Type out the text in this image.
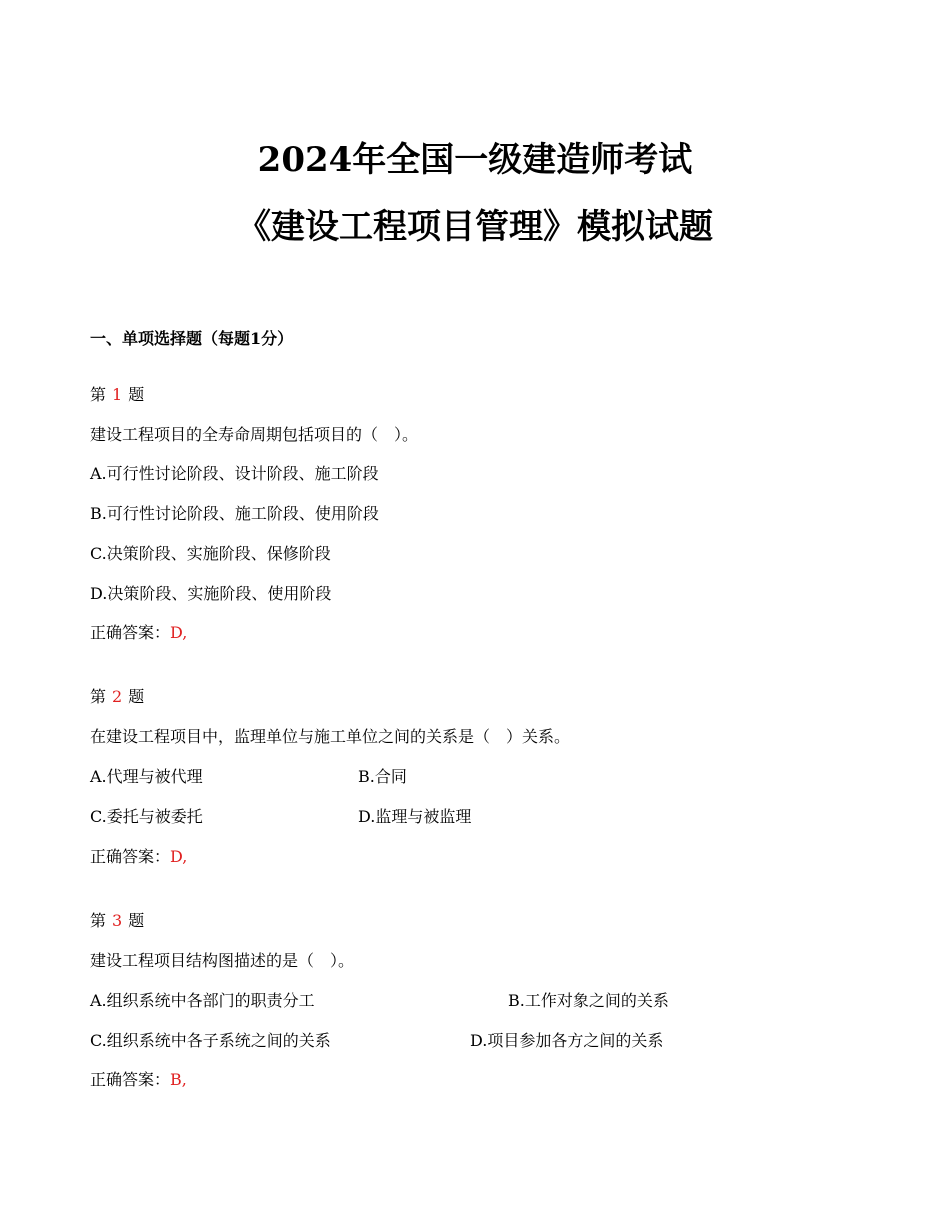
2024年全国一级建造师考试
《建设工程项目管理》模拟试题
一、单项选择题（每题1分）
第 1 题
建设工程项目的全寿命周期包括项目的（　）。
A.可行性讨论阶段、设计阶段、施工阶段
B.可行性讨论阶段、施工阶段、使用阶段
C.决策阶段、实施阶段、保修阶段
D.决策阶段、实施阶段、使用阶段
正确答案：D,
第 2 题
在建设工程项目中，监理单位与施工单位之间的关系是（　）关系。
A.代理与被代理	B.合同
C.委托与被委托	D.监理与被监理
正确答案：D,
第 3 题
建设工程项目结构图描述的是（　）。
A.组织系统中各部门的职责分工	B.工作对象之间的关系
C.组织系统中各子系统之间的关系	D.项目参加各方之间的关系
正确答案：B,
